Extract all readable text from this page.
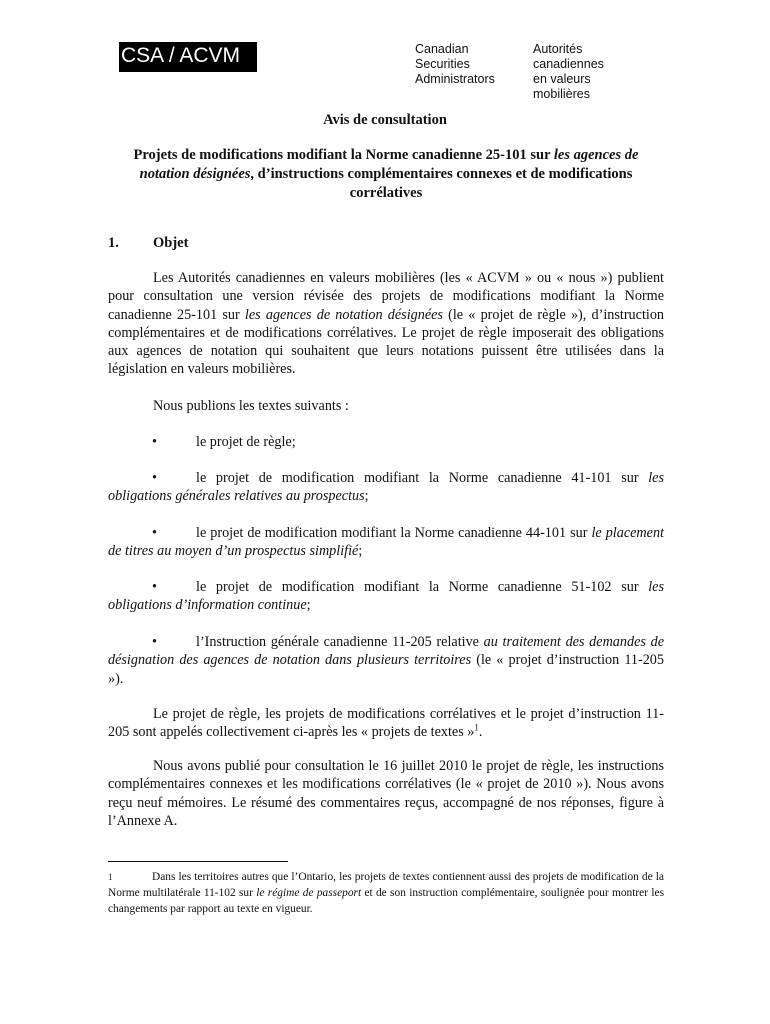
CSA / ACVM	Canadian
Securities
Administrators
Autorités
canadiennes
en valeurs
mobilières
Avis de consultation
Projets de modifications modifiant la Norme canadienne 25-101 sur les agences de notation désignées, d’instructions complémentaires connexes et de modifications corrélatives
1. Objet
Les Autorités canadiennes en valeurs mobilières (les « ACVM » ou « nous ») publient pour consultation une version révisée des projets de modifications modifiant la Norme canadienne 25-101 sur les agences de notation désignées (le « projet de règle »), d’instruction complémentaires et de modifications corrélatives. Le projet de règle imposerait des obligations aux agences de notation qui souhaitent que leurs notations puissent être utilisées dans la législation en valeurs mobilières.
Nous publions les textes suivants :
•	le projet de règle;
•	le projet de modification modifiant la Norme canadienne 41-101 sur les obligations générales relatives au prospectus;
•	le projet de modification modifiant la Norme canadienne 44-101 sur le placement de titres au moyen d’un prospectus simplifié;
•	le projet de modification modifiant la Norme canadienne 51-102 sur les obligations d’information continue;
•	l’Instruction générale canadienne 11-205 relative au traitement des demandes de désignation des agences de notation dans plusieurs territoires (le « projet d’instruction 11-205 »).
Le projet de règle, les projets de modifications corrélatives et le projet d’instruction 11-205 sont appelés collectivement ci-après les « projets de textes »$^1$.
Nous avons publié pour consultation le 16 juillet 2010 le projet de règle, les instructions complémentaires connexes et les modifications corrélatives (le « projet de 2010 »). Nous avons reçu neuf mémoires. Le résumé des commentaires reçus, accompagné de nos réponses, figure à l’Annexe A.
1	Dans les territoires autres que l’Ontario, les projets de textes contiennent aussi des projets de modification de la Norme multilatérale 11-102 sur le régime de passeport et de son instruction complémentaire, soulignée pour montrer les changements par rapport au texte en vigueur.
